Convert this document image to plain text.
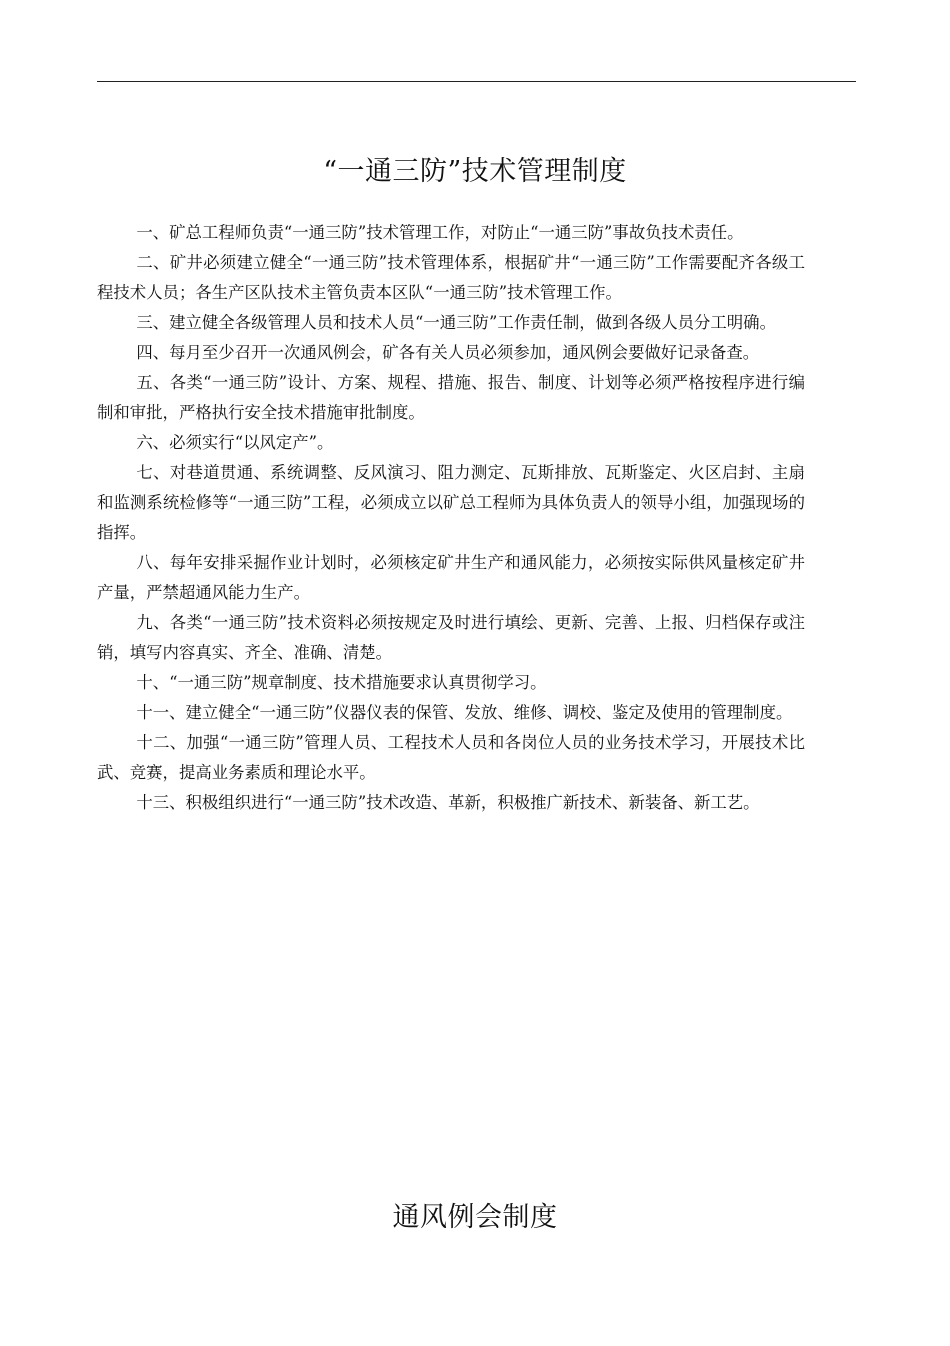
“一通三防”技术管理制度

一、矿总工程师负责“一通三防”技术管理工作，对防止“一通三防”事故负技术责任。

二、矿井必须建立健全“一通三防”技术管理体系，根据矿井“一通三防”工作需要配齐各级工程技术人员；各生产区队技术主管负责本区队“一通三防”技术管理工作。

三、建立健全各级管理人员和技术人员“一通三防”工作责任制，做到各级人员分工明确。

四、每月至少召开一次通风例会，矿各有关人员必须参加，通风例会要做好记录备查。

五、各类“一通三防”设计、方案、规程、措施、报告、制度、计划等必须严格按程序进行编制和审批，严格执行安全技术措施审批制度。

六、必须实行“以风定产”。

七、对巷道贯通、系统调整、反风演习、阻力测定、瓦斯排放、瓦斯鉴定、火区启封、主扇和监测系统检修等“一通三防”工程，必须成立以矿总工程师为具体负责人的领导小组，加强现场的指挥。

八、每年安排采掘作业计划时，必须核定矿井生产和通风能力，必须按实际供风量核定矿井产量，严禁超通风能力生产。

九、各类“一通三防”技术资料必须按规定及时进行填绘、更新、完善、上报、归档保存或注销，填写内容真实、齐全、准确、清楚。

十、“一通三防”规章制度、技术措施要求认真贯彻学习。

十一、建立健全“一通三防”仪器仪表的保管、发放、维修、调校、鉴定及使用的管理制度。

十二、加强“一通三防”管理人员、工程技术人员和各岗位人员的业务技术学习，开展技术比武、竞赛，提高业务素质和理论水平。

十三、积极组织进行“一通三防”技术改造、革新，积极推广新技术、新装备、新工艺。

通风例会制度
